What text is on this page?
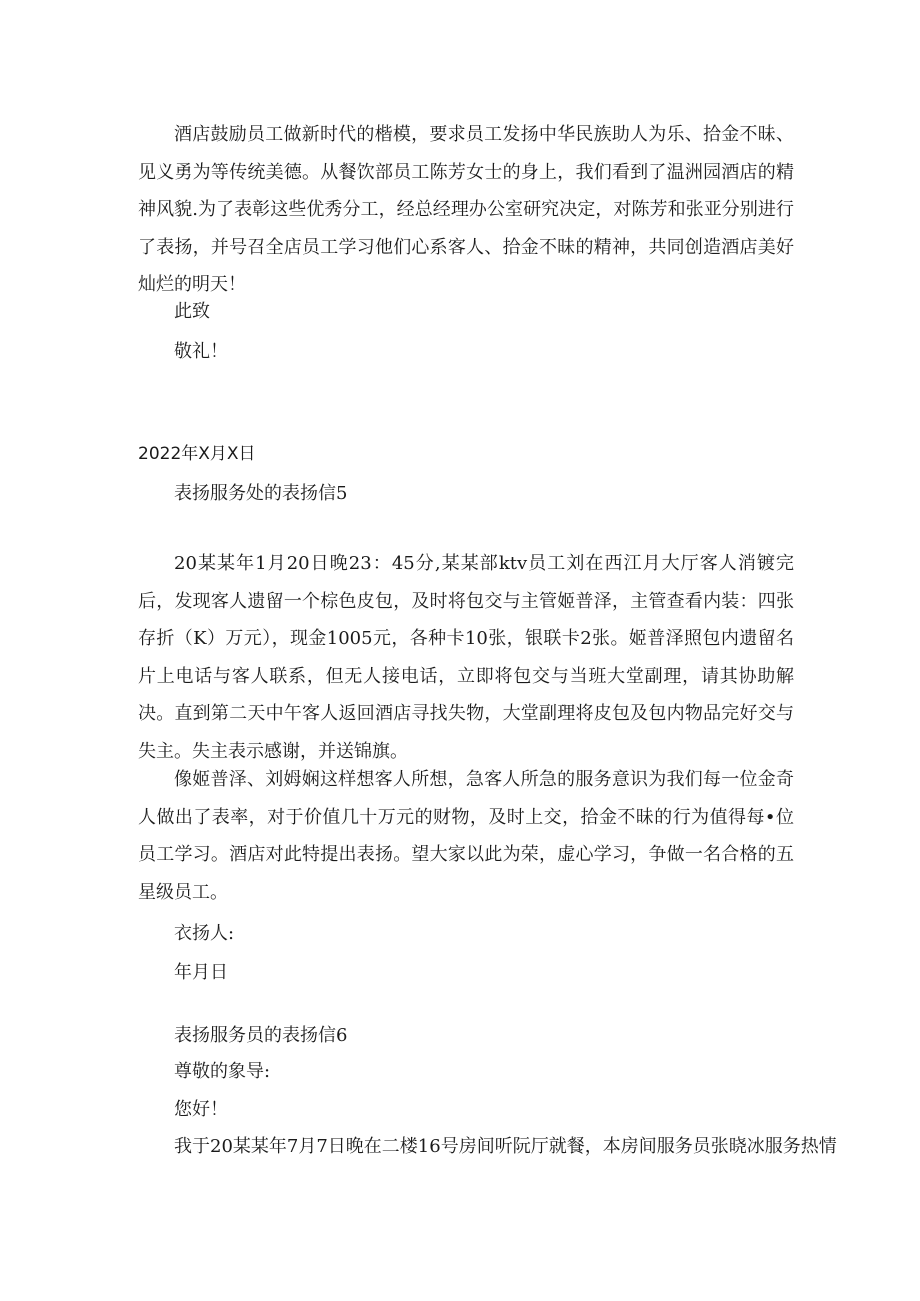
酒店鼓励员工做新时代的楷模，要求员工发扬中华民族助人为乐、拾金不昧、见义勇为等传统美德。从餐饮部员工陈芳女士的身上，我们看到了温洲园酒店的精神风貌.为了表彰这些优秀分工，经总经理办公室研究决定，对陈芳和张亚分别进行了表扬，并号召全店员工学习他们心系客人、拾金不昧的精神，共同创造酒店美好灿烂的明天！

此致

敬礼！

2022年X月X日

表扬服务处的表扬信5

20某某年1月20日晚23：45分,某某部ktv员工刘在西江月大厅客人消镀完后，发现客人遗留一个棕色皮包，及时将包交与主管姬普泽，主管查看内装：四张存折（K）万元），现金1005元，各种卡10张，银联卡2张。姬普泽照包内遗留名片上电话与客人联系，但无人接电话，立即将包交与当班大堂副理，请其协助解决。直到第二天中午客人返回酒店寻找失物，大堂副理将皮包及包内物品完好交与失主。失主表示感谢，并送锦旗。

像姬普泽、刘姆娴这样想客人所想，急客人所急的服务意识为我们每一位金奇人做出了表率，对于价值几十万元的财物，及时上交，拾金不昧的行为值得每•位员工学习。酒店对此特提出表扬。望大家以此为荣，虚心学习，争做一名合格的五星级员工。

衣扬人:

年月日

表扬服务员的表扬信6

尊敬的象导:

您好！

我于20某某年7月7日晚在二楼16号房间听阮厅就餐，本房间服务员张晓冰服务热情
